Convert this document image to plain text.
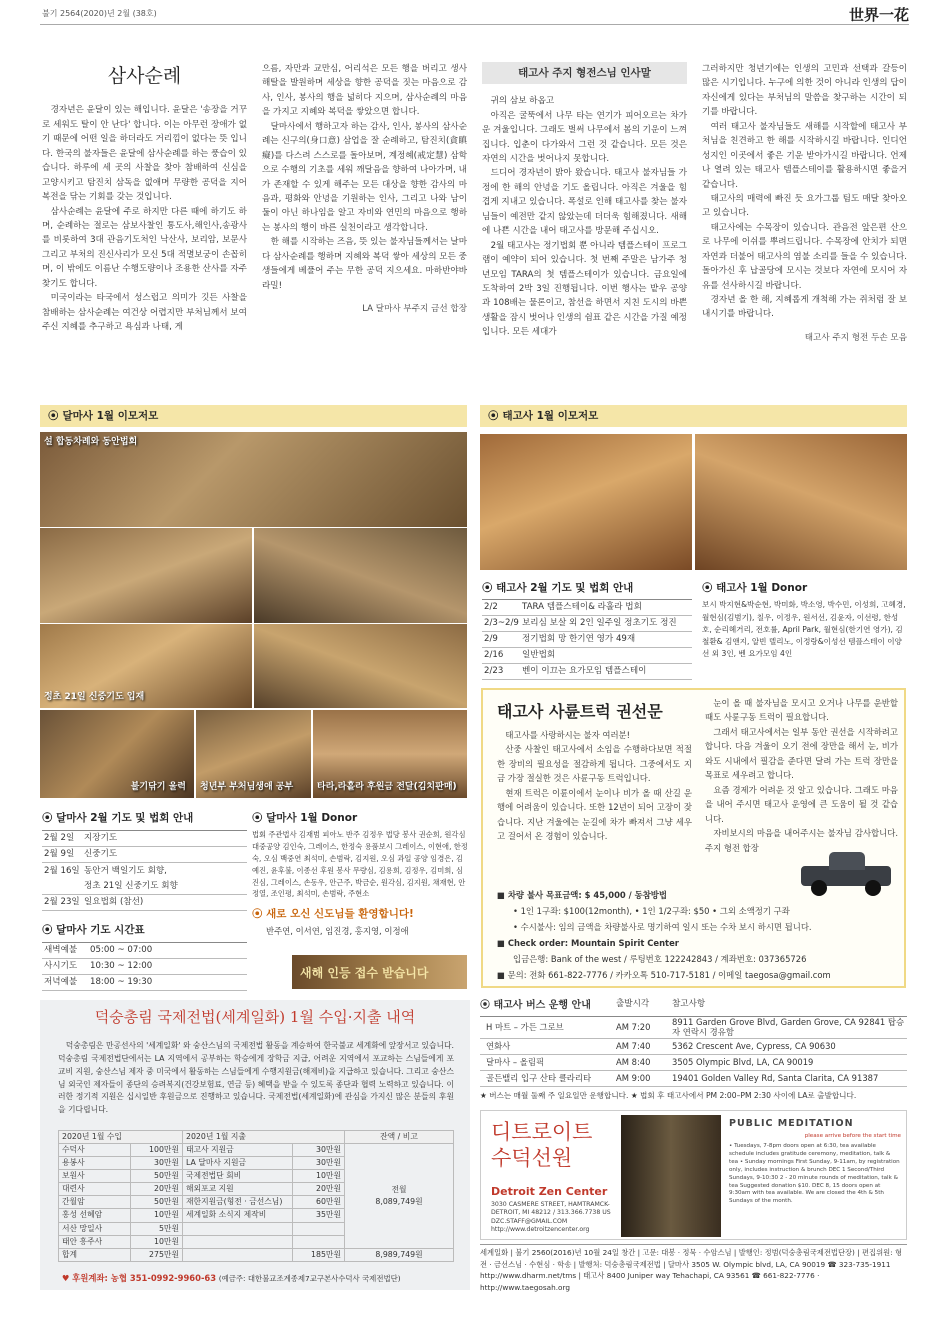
불기 2564(2020)년 2월 (38호)	世界一花
삼사순례

경자년은 윤달이 있는 해입니다. 윤달은 '송장을 거꾸로 세워도 탈이 안 난다' 합니다. 이는 아무런 장애가 없기 때문에 어떤 일을 하더라도 거리낌이 없다는 뜻 입니다. 한국의 불자들은 윤달에 삼사순례를 하는 풍습이 있습니다. 하루에 세 곳의 사찰을 찾아 참배하여 신심을 고양시키고 탐진치 삼독을 없애며 무량한 공덕을 지어 복전을 닦는 기회를 갖는 것입니다.

삼사순례는 윤달에 주로 하지만 다른 때에 하기도 하며, 순례하는 절로는 삼보사찰인 통도사,해인사,송광사를 비롯하여 3대 관음기도처인 낙산사, 보리암, 보문사 그리고 부처의 진신사리가 모신 5대 적멸보궁이 손꼽히며, 이 밖에도 이름난 수행도량이나 조용한 산사를 자주 찾기도 합니다.

미국이라는 타국에서 성스럽고 의미가 깃든 사찰을 참배하는 삼사순례는 여건상 어렵지만 부처님께서 보여주신 지혜를 추구하고 욕심과 나태, 게

으름, 자만과 교만심, 어리석은 모든 행을 버리고 생사해탈을 발원하며 세상을 향한 공덕을 짓는 마음으로 감사, 인사, 봉사의 행을 넓히다 지으며, 삼사순례의 마음을 가지고 지혜와 복덕을 쌓았으면 합니다.

달마사에서 행하고자 하는 감사, 인사, 봉사의 삼사순례는 신구의(身口意) 삼업을 잘 순례하고, 탐진치(貪瞋癡)를 다스려 스스로를 돌아보며, 계정혜(戒定慧) 삼학으로 수행의 기초를 세워 깨달음을 향하여 나아가며, 내가 존재할 수 있게 해주는 모든 대상을 향한 감사의 마음과, 평화와 안녕을 기원하는 인사, 그리고 나와 남이 둘이 아닌 하나임을 알고 자비와 연민의 마음으로 행하는 봉사의 행이 바른 실천이라고 생각합니다.

한 해를 시작하는 즈음, 뜻 있는 불자님들께서는 날마다 삼사순례를 행하며 지혜와 복덕 쌓아 세상의 모든 중생들에게 베풀어 주는 무한 공덕 지으세요. 마하반야바라밀!

LA 달마사 부주지 금선 합장
태고사 주지 형전스님 인사말

귀의 삼보 하옵고

아직은 굴뚝에서 나무 타는 연기가 피어오르는 차가운 겨울입니다. 그래도 벌써 나무에서 봄의 기운이 느껴집니다. 입춘이 다가와서 그런 것 같습니다. 모든 것은 자연의 시간을 벗어나지 못합니다.

드디어 경자년이 밝아 왔습니다. 태고사 불자님들 가정에 한 해의 안녕을 기도 올립니다. 아직은 겨울을 힘겹게 지내고 있습니다. 폭설로 인해 태고사를 찾는 불자님들이 예전만 같지 않았는데 더더욱 힘해졌니다. 새해에 나쁜 시간을 내어 태고사를 방문해 주십시오.

2월 태고사는 정기법회 뿐 아니라 템플스테이 프로그램이 예약이 되어 있습니다. 첫 번째 주말은 남가주 청년모임 TARA의 첫 템플스테이가 있습니다. 금요일에 도착하여 2박 3일 진행됩니다. 이번 행사는 밭우 공양과 108배는 물론이고, 참선을 하면서 지친 도시의 바쁜 생활을 잠시 벗어나 인생의 쉼표 같은 시간을 가질 예정입니다. 모든 세대가

그러하지만 청년기에는 인생의 고민과 선택과 갈등이 많은 시기입니다. 누구에 의한 것이 아니라 인생의 답이 자신에게 있다는 부처님의 말씀을 찾구하는 시간이 되기를 바랍니다.

여러 태고사 불자님들도 새해를 시작할에 태고사 부처님을 친견하고 한 해를 시작하시길 바랍니다. 인디언 성지인 이곳에서 좋은 기운 받아가시길 바랍니다. 언제나 열려 있는 태고사 템플스테이를 활용하시면 좋을거 같습니다.

태고사의 매력에 빠진 듯 요가그룹 팀도 매달 찾아오고 있습니다.

태고사에는 수목장이 있습니다. 관음전 앞은편 산으로 나무에 이쉬를 뿌려드립니다. 수목장에 안치가 되면 자연과 더불어 태고사의 염불 소리를 들을 수 있습니다. 돌아가신 후 납골당에 모시는 것보다 자연에 모시어 자유를 선사하시길 바랍니다.

경자년 올 한 해, 지혜롭게 개척해 가는 쥐처럼 잘 보내시기를 바랍니다.

태고사 주지 형전 두손 모음
⦿ 달마사 1월 이모저모
설 합동차례와 동안법회
정초 21일 신중기도 입재
불기닦기 울력 청년부 부처님생애 공부	타라,라홀라 후원금 전달(김치판매)
⦿ 태고사 1월 이모저모
⦿ 태고사 2월 기도 및 법회 안내
2/2	TARA 템플스테이& 라훌라 법회
2/3~2/9 보리심 보살 외 2인 일주일 정초기도 정진
2/9	정기법회 망 한기연 영가 49재
2/16	일반법회
2/23	벤이 이끄는 요가모임 템플스테이
⦿ 태고사 1월 Donor
보시 박지현&박순현, 박미화, 박소영, 박수민, 이성희, 고혜경, 월현심(김범기), 칠우, 이정우, 원서선, 김윤자, 이선령, 한성호, 순리혜거리, 전호률, April Park, 월현심(한기연 영가), 김철환& 김앤지, 알빈 델리노, 이정랑&이성선 템플스테이 이양선 외 3인, 벤 요가모임 4인
⦿ 달마사 2월 기도 및 법회 안내
2월 2일	지장기도
2월 9일	신중기도
2월 16일 동안거 백일기도 회향,
정초 21일 신중기도 회향
2월 23일 일요법회 (참선)
⦿ 달마사 기도 시간표
새벽예불	05:00 ~ 07:00
사시기도	10:30 ~ 12:00
저녁예불	18:00 ~ 19:30
⦿ 달마사 1월 Donor
법회 주관법사 김재범 피아노 반주 김정우 법당 봉사 권순희, 원각심 대중공양 김인숙, 그레이스, 한정숙 용품보시 그레이스, 이현애, 한정숙, 오심 백중연 최석미, 손범락, 김지원, 오심 과일 공양 임경은, 김예진, 윤후불, 이종선 후원 봉사 무량심, 김용희, 김정우, 김미희, 심진심, 그레이스, 손동우, 안근주, 박금순, 원각심, 김지원, 채재현, 안정열, 조인평, 최석미, 손범락, 주현소
⦿ 새로 오신 신도님들 환영합니다!
반주연, 이서연, 임진경, 홍지영, 이정애
새해 인등 접수 받습니다
태고사 사륜트럭 권선문

태고사를 사랑하시는 불자 여러분!

산중 사찰인 태고사에서 소임을 수행하다보면 적절한 장비의 필요성을 절감하게 됩니다. 그중에서도 지금 가장 절실한 것은 사륜구동 트럭입니다.

현재 트럭은 이륜이에서 눈이나 비가 올 때 산길 운행에 어려움이 있습니다. 또한 12년이 되어 고장이 잦습니다. 지난 겨울에는 눈길에 차가 빠져서 그냥 세우고 걸어서 온 경험이 있습니다.

눈이 올 때 불자님을 모시고 오거나 나무를 운반할 때도 사륜구동 트럭이 필요합니다.

그래서 태고사에서는 일부 동안 권선을 시작하려고 합니다. 다음 겨울이 오기 전에 장만을 해서 눈, 비가와도 시내에서 필감을 준다면 달려 가는 트럭 장만을 목표로 세우려고 합니다.

요즘 경제가 어려운 것 알고 있습니다. 그래도 마음을 내어 주시면 태고사 운영에 큰 도움이 될 것 같습니다.

자비보시의 마음을 내어주시는 불자님 감사합니다. 주지 형전 합장

■ 차량 불사 목표금액: $ 45,000 / 동참방법
• 1인 1구좌: $100(12month), • 1인 1/2구좌: $50 • 그외 소액정기 구좌
• 수시불사: 임의 금액을 차량불사로 명기하여 일시 또는 수차 보시 하시면 됩니다.
■ Check order: Mountain Spirit Center
입금은행: Bank of the west / 루팅번호 122242843 / 계좌번호: 037365726
■ 문의: 전화 661-822-7776 / 카카오톡 510-717-5181 / 이메일 taegosa@gmail.com
덕숭총림 국제전법(세계일화) 1월 수입·지출 내역
덕숭총림은 만공선사의 '세계일화' 와 숭산스님의 국제전법 활동을 계승하여 한국불교 세계화에 앞장서고 있습니다. 덕숭총림 국제전법단에서는 LA 지역에서 공부하는 학승에게 장학금 지급, 어려운 지역에서 포교하는 스님들에게 포교비 지원, 숭산스님 제자 중 미국에서 활동하는 스님들에게 수행지원금(해제비)을 지급하고 있습니다. 그리고 숭산스님 외국인 제자들이 종단의 승려복지(건강보험료, 연금 등) 혜택을 받을 수 있도록 종단과 협력 노력하고 있습니다. 이러한 정기적 지원은 십시일반 후원금으로 진행하고 있습니다. 국제전법(세계일화)에 관심을 가지신 많은 분들의 후원을 기다립니다.
2020년 1월 수입		2020년 1월 지출		잔액 / 비고
수덕사	100만원	태고사 지원금	30만원	전월
8,089,749원

용봉사	30만원	LA 달마사 지원금	30만원	
보원사	50만원	국제전법단 회비	10만원	
대련사	20만원	해외포교 지원	20만원	
간월암	50만원	재한지원금(형전 · 금선스님)	60만원	
홍성 선혜암	10만원	세계일화 소식지 제작비	35만원	
서산 망일사	5만원			
태안 흥주사	10만원			
합계	275만원		185만원	8,989,749원
♥ 후원계좌: 농협 351-0992-9960-63 (예금주: 대한불교조계종제7교구본사수덕사 국제전법단)
⦿ 태고사 버스 운행 안내	출발시각	참고사항
H 마트 – 가든 그로브	AM 7:20
8911 Garden Grove Blvd, Garden Grove, CA 92841 탑승자 연락시 경유함
연화사	AM 7:40	5362 Crescent Ave, Cypress, CA 90630
달마사 – 올림픽	AM 8:40	3505 Olympic Blvd, LA, CA 90019
골든밸리 입구 산타 클라리타	AM 9:00	19401 Golden Valley Rd, Santa Clarita, CA 91387
★ 버스는 매월 둘째 주 일요일만 운행합니다. ★ 법회 후 태고사에서 PM 2:00–PM 2:30 사이에 LA로 출발합니다.
디트로이트
수덕선원
Detroit Zen Center
3030 CASMERE STREET, HAMTRAMCK-
DETROIT, MI 48212 / 313.366.7738 US
DZC.STAFF@GMAIL.COM
http://www.detroitzencenter.org
PUBLIC MEDITATION
please arrive before the start time
• Tuesdays, 7-8pm doors open at 6:30, tea available schedule includes gratitude ceremony, meditation, talk & tea • Sunday mornings First Sunday, 9-11am, by registration only, includes instruction & brunch DEC 1 Second/Third Sundays, 9-10:30 2 - 20 minute rounds of meditation, talk & tea Suggested donation $10. DEC 8, 15 doors open at 9:30am with tea available. We are closed the 4th & 5th Sundays of the month.
세계일화 | 불기 2560(2016)년 10월 24일 창간 | 고문: 대봉 · 정묵 · 수암스님 | 발행인: 정범(덕숭총림국제전법단장) | 편집위원: 형전 · 금선스님 · 수현심 · 학송 | 발행처: 덕숭총림국제전법 | 달마사 3505 W. Olympic blvd, LA, CA 90019 ☎ 323-735-1911 http://www.dharm.net/tms | 태고사 8400 Juniper way Tehachapi, CA 93561 ☎ 661-822-7776 · http://www.taegosah.org
